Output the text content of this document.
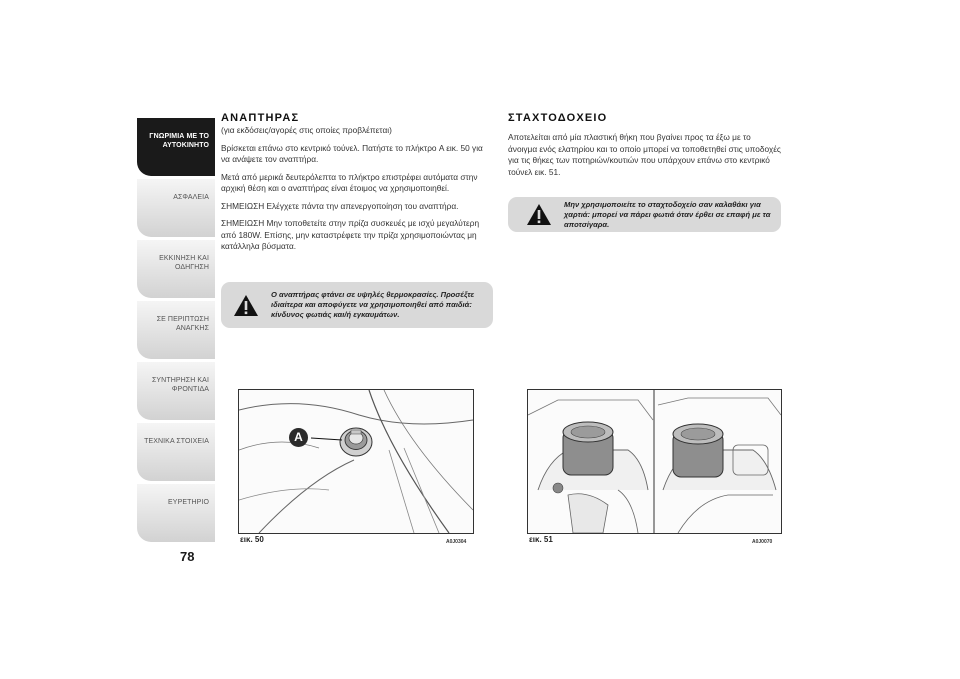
ΓΝΩΡΙΜΙΑ ΜΕ ΤΟ
ΑΥΤΟΚΙΝΗΤΟ
ΑΣΦΑΛΕΙΑ
ΕΚΚΙΝΗΣΗ ΚΑΙ
ΟΔΗΓΗΣΗ
ΣΕ ΠΕΡΙΠΤΩΣΗ
ΑΝΑΓΚΗΣ
ΣΥΝΤΗΡΗΣΗ ΚΑΙ
ΦΡΟΝΤΙΔΑ
ΤΕΧΝΙΚΑ ΣΤΟΙΧΕΙΑ
ΕΥΡΕΤΗΡΙΟ
78
ΑΝΑΠΤΗΡΑΣ

(για εκδόσεις/αγορές στις οποίες προβλέπεται)

Βρίσκεται επάνω στο κεντρικό τούνελ. Πατήστε το πλήκτρο A εικ. 50 για να ανάψετε τον αναπτήρα.

Μετά από μερικά δευτερόλεπτα το πλήκτρο επιστρέφει αυτόματα στην αρχική θέση και ο αναπτήρας είναι έτοιμος να χρησιμοποιηθεί.

ΣΗΜΕΙΩΣΗ Ελέγχετε πάντα την απενεργοποίηση του αναπτήρα.

ΣΗΜΕΙΩΣΗ Μην τοποθετείτε στην πρίζα συσκευές με ισχύ μεγαλύτερη από 180W. Επίσης, μην καταστρέφετε την πρίζα χρησιμοποιώντας μη κατάλληλα βύσματα.

Ο αναπτήρας φτάνει σε υψηλές θερμοκρασίες. Προσέξτε ιδιαίτερα και αποφύγετε να χρησιμοποιηθεί από παιδιά: κίνδυνος φωτιάς και/ή εγκαυμάτων.
ΣΤΑΧΤΟΔΟΧΕΙΟ

Αποτελείται από μία πλαστική θήκη που βγαίνει προς τα έξω με το άνοιγμα ενός ελατηρίου και το οποίο μπορεί να τοποθετηθεί στις υποδοχές για τις θήκες των ποτηριών/κουτιών που υπάρχουν επάνω στο κεντρικό τούνελ εικ. 51.

Μην χρησιμοποιείτε το σταχτοδοχείο σαν καλαθάκι για χαρτιά: μπορεί να πάρει φωτιά όταν έρθει σε επαφή με τα αποτσίγαρα.
A
εικ. 50	A0J0304	εικ. 51	A0J0070
